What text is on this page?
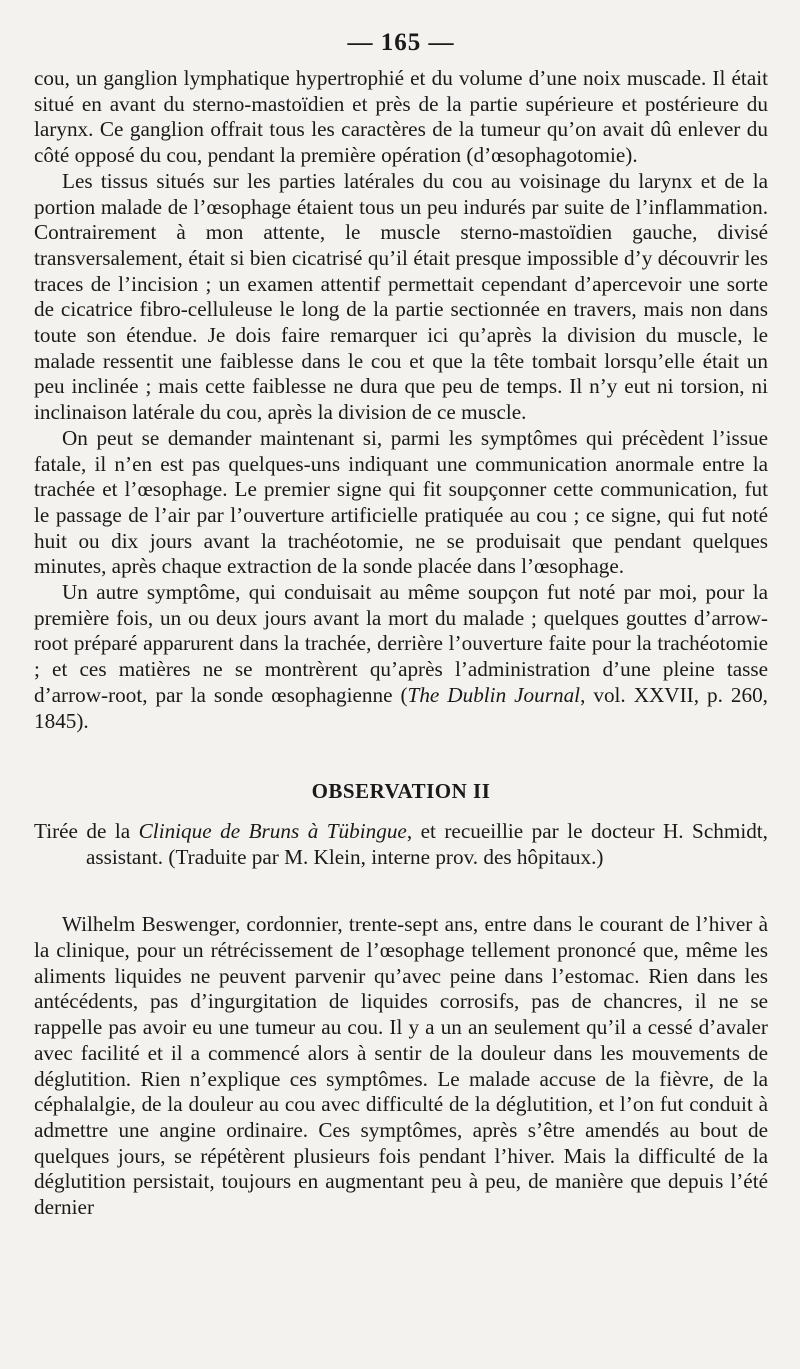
— 165 —

cou, un ganglion lymphatique hypertrophié et du volume d’une noix muscade. Il était situé en avant du sterno-mastoïdien et près de la partie supérieure et postérieure du larynx. Ce ganglion offrait tous les caractères de la tumeur qu’on avait dû enlever du côté opposé du cou, pendant la première opération (d’œsophagotomie).

Les tissus situés sur les parties latérales du cou au voisinage du larynx et de la portion malade de l’œsophage étaient tous un peu indurés par suite de l’inflammation. Contrairement à mon attente, le muscle sterno-mastoïdien gauche, divisé transversalement, était si bien cicatrisé qu’il était presque impossible d’y découvrir les traces de l’incision ; un examen attentif permettait cependant d’apercevoir une sorte de cicatrice fibro-celluleuse le long de la partie sectionnée en travers, mais non dans toute son étendue. Je dois faire remarquer ici qu’après la division du muscle, le malade ressentit une faiblesse dans le cou et que la tête tombait lorsqu’elle était un peu inclinée ; mais cette faiblesse ne dura que peu de temps. Il n’y eut ni torsion, ni inclinaison latérale du cou, après la division de ce muscle.

On peut se demander maintenant si, parmi les symptômes qui précèdent l’issue fatale, il n’en est pas quelques-uns indiquant une communication anormale entre la trachée et l’œsophage. Le premier signe qui fit soupçonner cette communication, fut le passage de l’air par l’ouverture artificielle pratiquée au cou ; ce signe, qui fut noté huit ou dix jours avant la trachéotomie, ne se produisait que pendant quelques minutes, après chaque extraction de la sonde placée dans l’œsophage.

Un autre symptôme, qui conduisait au même soupçon fut noté par moi, pour la première fois, un ou deux jours avant la mort du malade ; quelques gouttes d’arrow-root préparé apparurent dans la trachée, derrière l’ouverture faite pour la trachéotomie ; et ces matières ne se montrèrent qu’après l’administration d’une pleine tasse d’arrow-root, par la sonde œsophagienne (The Dublin Journal, vol. XXVII, p. 260, 1845).

OBSERVATION II
Tirée de la Clinique de Bruns à Tübingue, et recueillie par le docteur H. Schmidt,
assistant. (Traduite par M. Klein, interne prov. des hôpitaux.)

Wilhelm Beswenger, cordonnier, trente-sept ans, entre dans le courant de l’hiver à la clinique, pour un rétrécissement de l’œsophage tellement prononcé que, même les aliments liquides ne peuvent parvenir qu’avec peine dans l’estomac. Rien dans les antécédents, pas d’ingurgitation de liquides corrosifs, pas de chancres, il ne se rappelle pas avoir eu une tumeur au cou. Il y a un an seulement qu’il a cessé d’avaler avec facilité et il a commencé alors à sentir de la douleur dans les mouvements de déglutition. Rien n’explique ces symptômes. Le malade accuse de la fièvre, de la céphalalgie, de la douleur au cou avec difficulté de la déglutition, et l’on fut conduit à admettre une angine ordinaire. Ces symptômes, après s’être amendés au bout de quelques jours, se répétèrent plusieurs fois pendant l’hiver. Mais la difficulté de la déglutition persistait, toujours en augmentant peu à peu, de manière que depuis l’été dernier
